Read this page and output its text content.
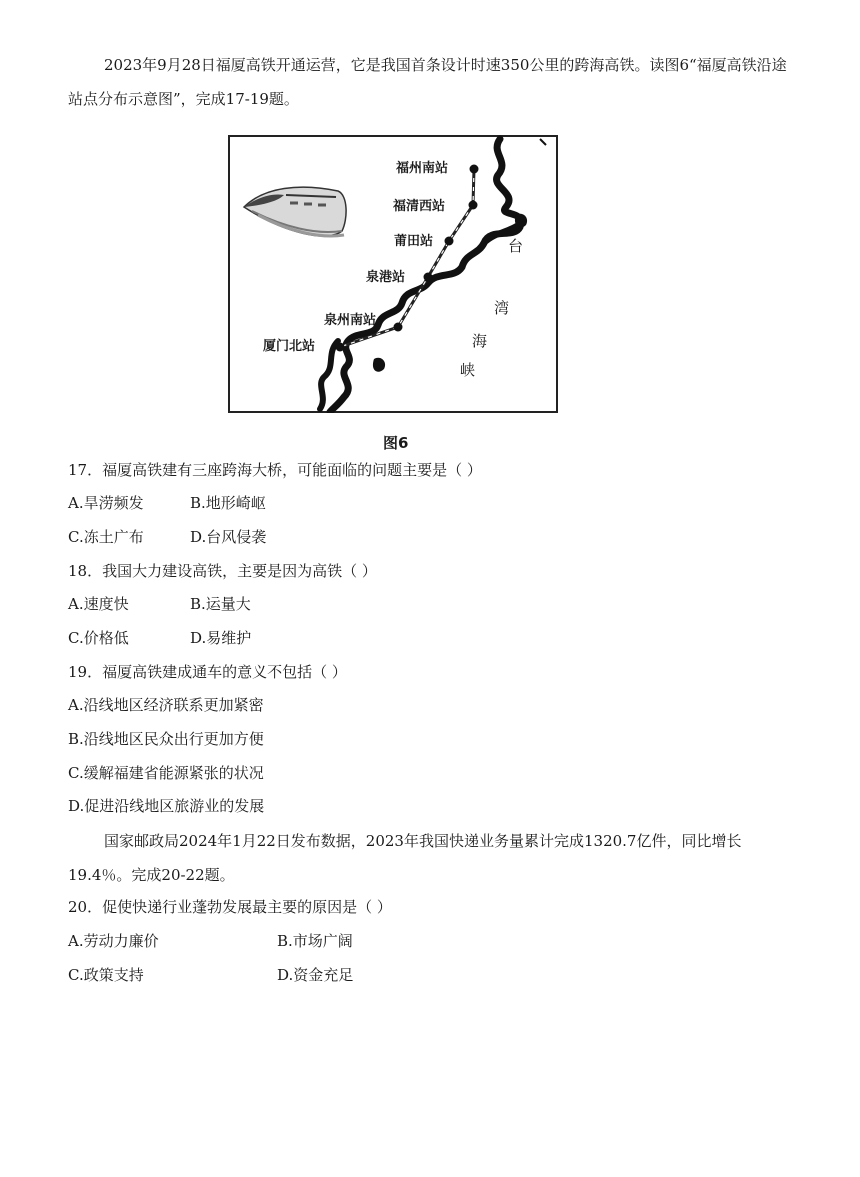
2023年9月28日福厦高铁开通运营，它是我国首条设计时速350公里的跨海高铁。读图6“福厦高铁沿途站点分布示意图”，完成17-19题。

福州南站
福清西站
莆田站
泉港站
泉州南站
厦门北站
台
湾
海
峡
图6

17．福厦高铁建有三座跨海大桥，可能面临的问题主要是（ ）

A.旱涝频发	B.地形崎岖

C.冻土广布	D.台风侵袭

18．我国大力建设高铁，主要是因为高铁（ ）

A.速度快	B.运量大

C.价格低	D.易维护

19．福厦高铁建成通车的意义不包括（ ）

A.沿线地区经济联系更加紧密

B.沿线地区民众出行更加方便

C.缓解福建省能源紧张的状况

D.促进沿线地区旅游业的发展

国家邮政局2024年1月22日发布数据，2023年我国快递业务量累计完成1320.7亿件，同比增长19.4％。完成20-22题。

20．促使快递行业蓬勃发展最主要的原因是（ ）

A.劳动力廉价	B.市场广阔

C.政策支持	D.资金充足
